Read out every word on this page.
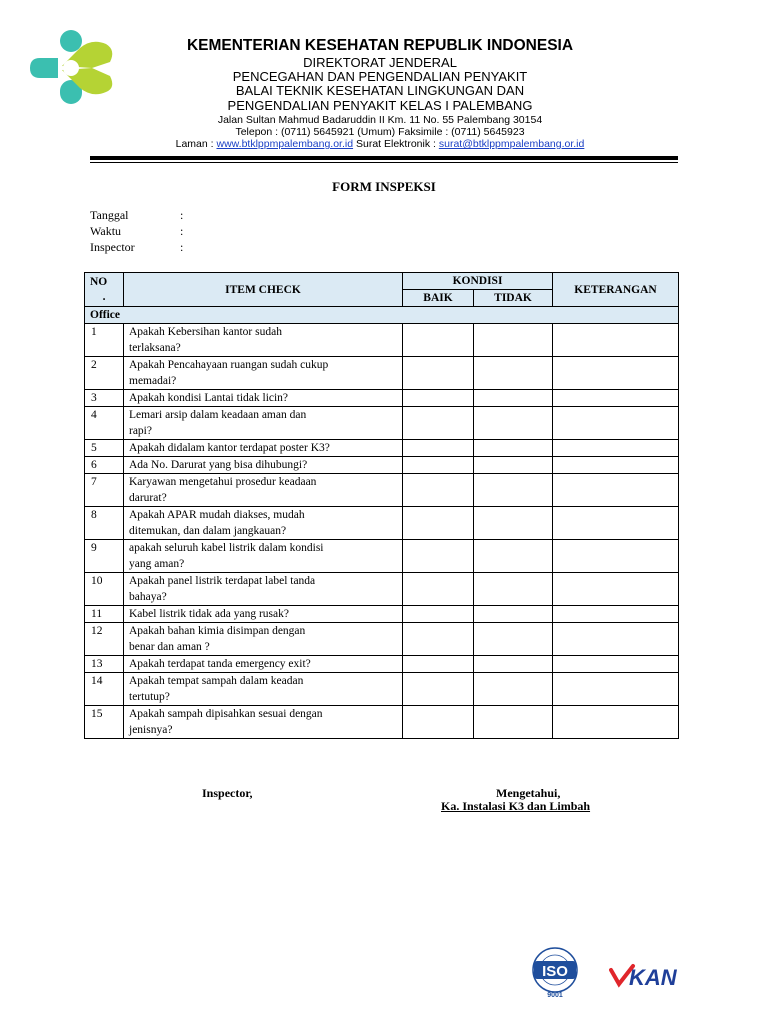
KEMENTERIAN KESEHATAN REPUBLIK INDONESIA
DIREKTORAT JENDERAL
PENCEGAHAN DAN PENGENDALIAN PENYAKIT
BALAI TEKNIK KESEHATAN LINGKUNGAN DAN
PENGENDALIAN PENYAKIT KELAS I PALEMBANG
Jalan Sultan Mahmud Badaruddin II Km. 11 No. 55 Palembang 30154
Telepon : (0711) 5645921 (Umum) Faksimile : (0711) 5645923
Laman : www.btklppmpalembang.or.id Surat Elektronik : surat@btklppmpalembang.or.id
FORM INSPEKSI
Tanggal	:
Waktu	:
Inspector	:
NO

.	ITEM CHECK	KONDISI		KETERANGAN
		BAIK	TIDAK	
Office				
1	Apakah Kebersihan kantor sudah
terlaksana?			
2	Apakah Pencahayaan ruangan sudah cukup
memadai?			
3	Apakah kondisi Lantai tidak licin?			
4	Lemari arsip dalam keadaan aman dan
rapi?			
5	Apakah didalam kantor terdapat poster K3?			
6	Ada No. Darurat yang bisa dihubungi?			
7	Karyawan mengetahui prosedur keadaan
darurat?			
8	Apakah APAR mudah diakses, mudah
ditemukan, dan dalam jangkauan?			
9	apakah seluruh kabel listrik dalam kondisi
yang aman?			
10	Apakah panel listrik terdapat label tanda
bahaya?			
11	Kabel listrik tidak ada yang rusak?			
12	Apakah bahan kimia disimpan dengan
benar dan aman ?			
13	Apakah terdapat tanda emergency exit?			
14	Apakah tempat sampah dalam keadan
tertutup?			
15	Apakah sampah dipisahkan sesuai dengan
jenisnya?			
Inspector,	Mengetahui,
Ka. Instalasi K3 dan Limbah
ISO
9001
KAN
